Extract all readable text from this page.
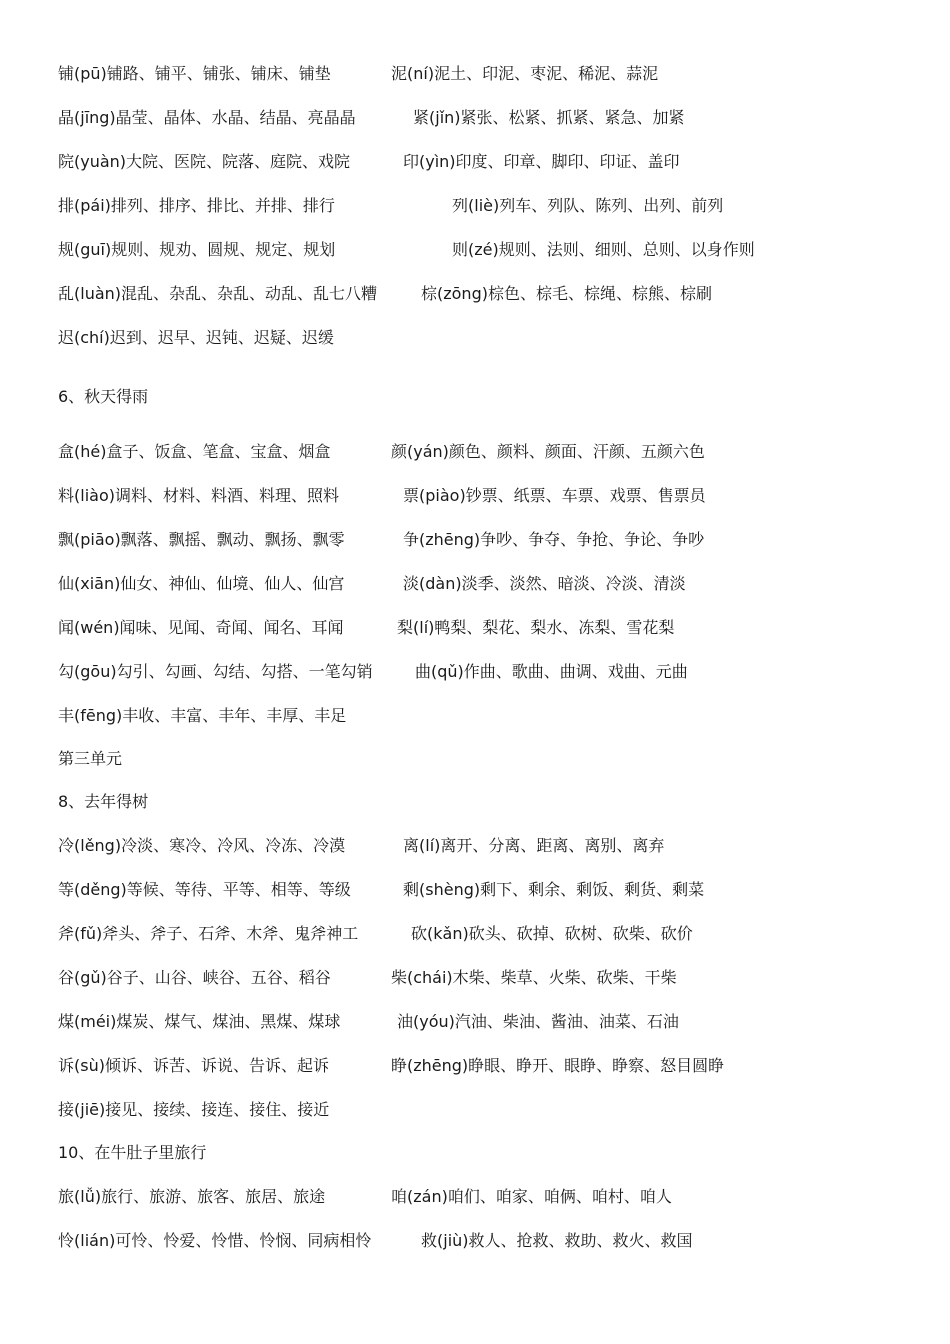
铺(pū)铺路、铺平、铺张、铺床、铺垫	泥(ní)泥土、印泥、枣泥、稀泥、蒜泥
晶(jīng)晶莹、晶体、水晶、结晶、亮晶晶	紧(jǐn)紧张、松紧、抓紧、紧急、加紧
院(yuàn)大院、医院、院落、庭院、戏院	印(yìn)印度、印章、脚印、印证、盖印
排(pái)排列、排序、排比、并排、排行	列(liè)列车、列队、陈列、出列、前列
规(guī)规则、规劝、圆规、规定、规划	则(zé)规则、法则、细则、总则、以身作则
乱(luàn)混乱、杂乱、杂乱、动乱、乱七八糟	棕(zōng)棕色、棕毛、棕绳、棕熊、棕刷
迟(chí)迟到、迟早、迟钝、迟疑、迟缓
6、秋天得雨
盒(hé)盒子、饭盒、笔盒、宝盒、烟盒	颜(yán)颜色、颜料、颜面、汗颜、五颜六色
料(liào)调料、材料、料酒、料理、照料	票(piào)钞票、纸票、车票、戏票、售票员
飘(piāo)飘落、飘摇、飘动、飘扬、飘零	争(zhēng)争吵、争夺、争抢、争论、争吵
仙(xiān)仙女、神仙、仙境、仙人、仙宫	淡(dàn)淡季、淡然、暗淡、冷淡、清淡
闻(wén)闻味、见闻、奇闻、闻名、耳闻	梨(lí)鸭梨、梨花、梨水、冻梨、雪花梨
勾(gōu)勾引、勾画、勾结、勾搭、一笔勾销	曲(qǔ)作曲、歌曲、曲调、戏曲、元曲
丰(fēng)丰收、丰富、丰年、丰厚、丰足
第三单元
8、去年得树
冷(lěng)冷淡、寒冷、冷风、冷冻、冷漠	离(lí)离开、分离、距离、离别、离弃
等(děng)等候、等待、平等、相等、等级	剩(shèng)剩下、剩余、剩饭、剩货、剩菜
斧(fǔ)斧头、斧子、石斧、木斧、鬼斧神工	砍(kǎn)砍头、砍掉、砍树、砍柴、砍价
谷(gǔ)谷子、山谷、峡谷、五谷、稻谷	柴(chái)木柴、柴草、火柴、砍柴、干柴
煤(méi)煤炭、煤气、煤油、黑煤、煤球	油(yóu)汽油、柴油、酱油、油菜、石油
诉(sù)倾诉、诉苦、诉说、告诉、起诉	睁(zhēng)睁眼、睁开、眼睁、睁察、怒目圆睁
接(jiē)接见、接续、接连、接住、接近
10、在牛肚子里旅行
旅(lǚ)旅行、旅游、旅客、旅居、旅途	咱(zán)咱们、咱家、咱俩、咱村、咱人
怜(lián)可怜、怜爱、怜惜、怜悯、同病相怜	救(jiù)救人、抢救、救助、救火、救国
